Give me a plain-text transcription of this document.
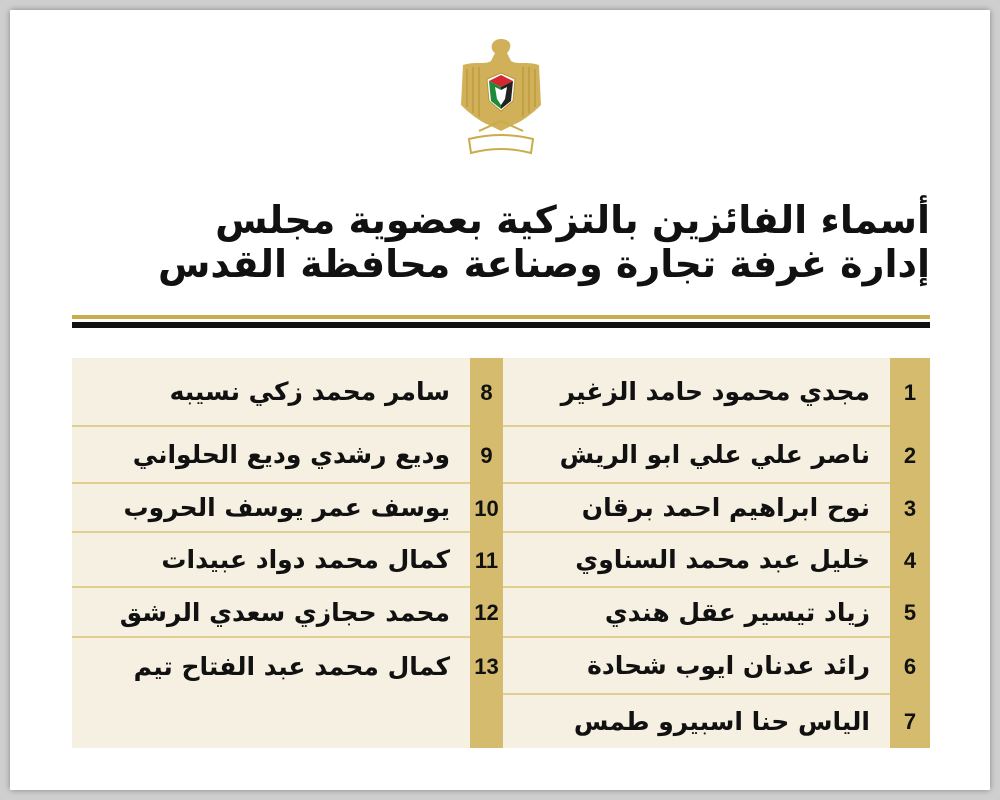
أسماء الفائزين بالتزكية بعضوية مجلس
إدارة غرفة تجارة وصناعة محافظة القدس
مجدي محمود حامد الزغير	1
ناصر علي علي ابو الريش	2
نوح ابراهيم احمد برقان	3
خليل عبد محمد السناوي	4
زياد تيسير عقل هندي	5
رائد عدنان ايوب شحادة	6
الياس حنا اسبيرو طمس	7
سامر محمد زكي نسيبه	8
وديع رشدي وديع الحلواني	9
يوسف عمر يوسف الحروب 10
كمال محمد دواد عبيدات 11
محمد حجازي سعدي الرشق 12
كمال محمد عبد الفتاح تيم 13
